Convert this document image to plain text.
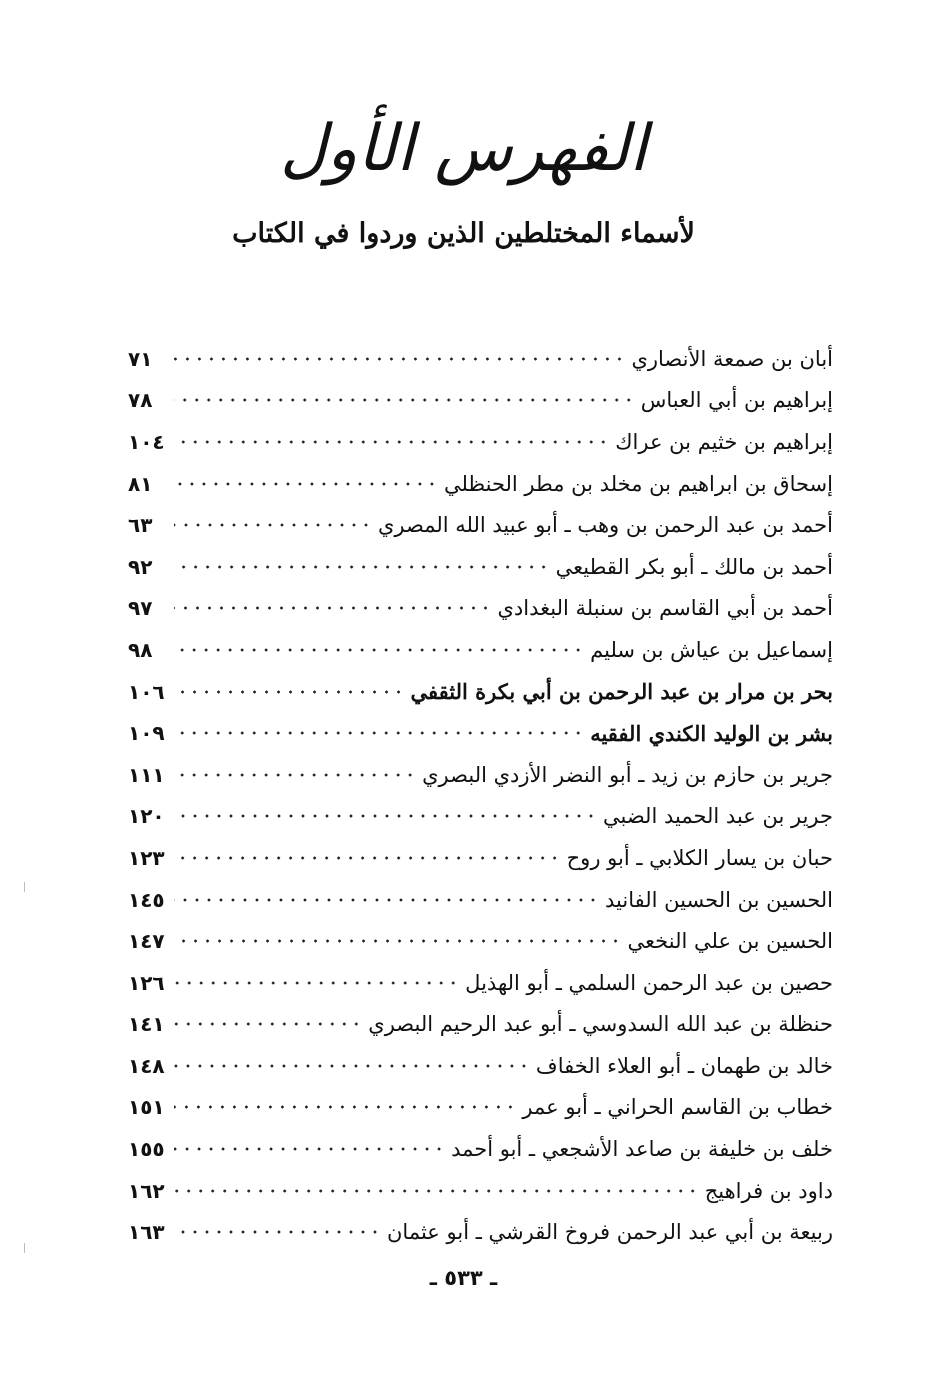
الفهرس الأول
لأسماء المختلطين الذين وردوا في الكتاب
أبان بن صمعة الأنصاري
٧١
إبراهيم بن أبي العباس
٧٨
إبراهيم بن خثيم بن عراك
١٠٤
إسحاق بن ابراهيم بن مخلد بن مطر الحنظلي
٨١
أحمد بن عبد الرحمن بن وهب ـ أبو عبيد الله المصري
٦٣
أحمد بن مالك ـ أبو بكر القطيعي
٩٢
أحمد بن أبي القاسم بن سنبلة البغدادي
٩٧
إسماعيل بن عياش بن سليم
٩٨
بحر بن مرار بن عبد الرحمن بن أبي بكرة الثقفي
١٠٦
بشر بن الوليد الكندي الفقيه
١٠٩
جرير بن حازم بن زيد ـ أبو النضر الأزدي البصري
١١١
جرير بن عبد الحميد الضبي
١٢٠
حبان بن يسار الكلابي ـ أبو روح
١٢٣
الحسين بن الحسين الفانيد
١٤٥
الحسين بن علي النخعي
١٤٧
حصين بن عبد الرحمن السلمي ـ أبو الهذيل
١٢٦
حنظلة بن عبد الله السدوسي ـ أبو عبد الرحيم البصري
١٤١
خالد بن طهمان ـ أبو العلاء الخفاف
١٤٨
خطاب بن القاسم الحراني ـ أبو عمر
١٥١
خلف بن خليفة بن صاعد الأشجعي ـ أبو أحمد
١٥٥
داود بن فراهيج
١٦٢
ربيعة بن أبي عبد الرحمن فروخ القرشي ـ أبو عثمان
١٦٣
ـ ٥٣٣ ـ
